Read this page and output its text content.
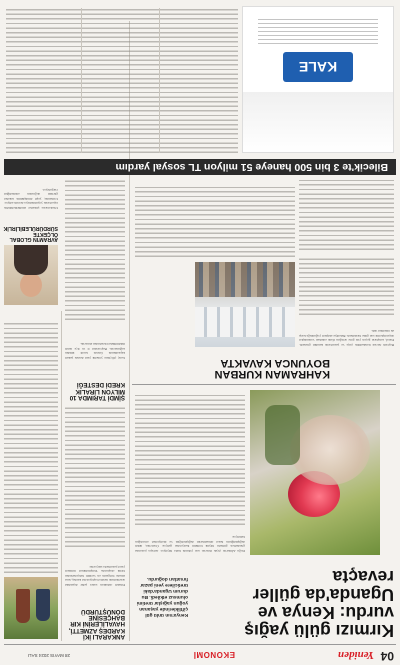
04
Yeniden
EKONOMİ
28 MAYIS 2024 SALI
Kırmızı gülü yağış vurdu: Kenya ve Uganda'da güller revaçta
Kenya'nın ünlü gül çiftliklerinde yaşanan yoğun yağışlar üretimi olumsuz etkiledi. Bu durum Uganda'daki üreticilere yeni pazar fırsatları doğurdu.
Doğu Afrika'da çiçek ihracatı son yıllarda hızla büyüyor. Avrupa pazarına gönderilen güllerin büyük bölümü Kenya'dan geliyor. Üreticiler, iklim değişikliğinin hasat dönemlerini değiştirdiğini ve maliyetleri artırdığını belirtiyor.
ANKARALI İKİ KARDEŞ AZMETTİ, HAVALİLERİNİ KIR BAHÇESİNE DÖNÜŞTÜRDÜ
Emekli olduktan sonra şehir dışındaki arazilerinde tarıma başlayan iki kardeş, kısa sürede bölgenin en verimli bahçelerinden birini oluşturdu. Yetiştirdikleri ürünleri yerel pazarlarda satıyorlar.
KAHRAMAN KURBAN BOYUNCA KAVAKTA
Bayram öncesi hareketlilik çarşı ve pazarlarda kendini gösterdi. Esnaf, satışların geçen yıla göre arttığını ifade ederken vatandaşlar alışverişlerini son güne bırakmadı. Belediye ekipleri yoğunluğa karşı ek önlemler aldı.
ŞİMDİ TARIMDA 10 MİLYON LİRALIK KREDİ DESTEĞİ
Genç çiftçilere yönelik yeni destek paketi kapsamında faizsiz kredi imkânı sağlanacak. Başvurular il ve ilçe tarım müdürlükleri üzerinden alınacak.
AVRAM'IN GLOBAL ÖLÇEKTE SÜRDÜRÜLEBİLİRLİK
Uluslararası şirketler sürdürülebilirlik raporlarını yayımlamaya devam ediyor. Uzmanlar, yeşil dönüşümün rekabet gücünü doğrudan etkilediğini vurguluyor.
Bilecik'te 3 bin 500 haneye 51 milyon TL sosyal yardım
KALE
